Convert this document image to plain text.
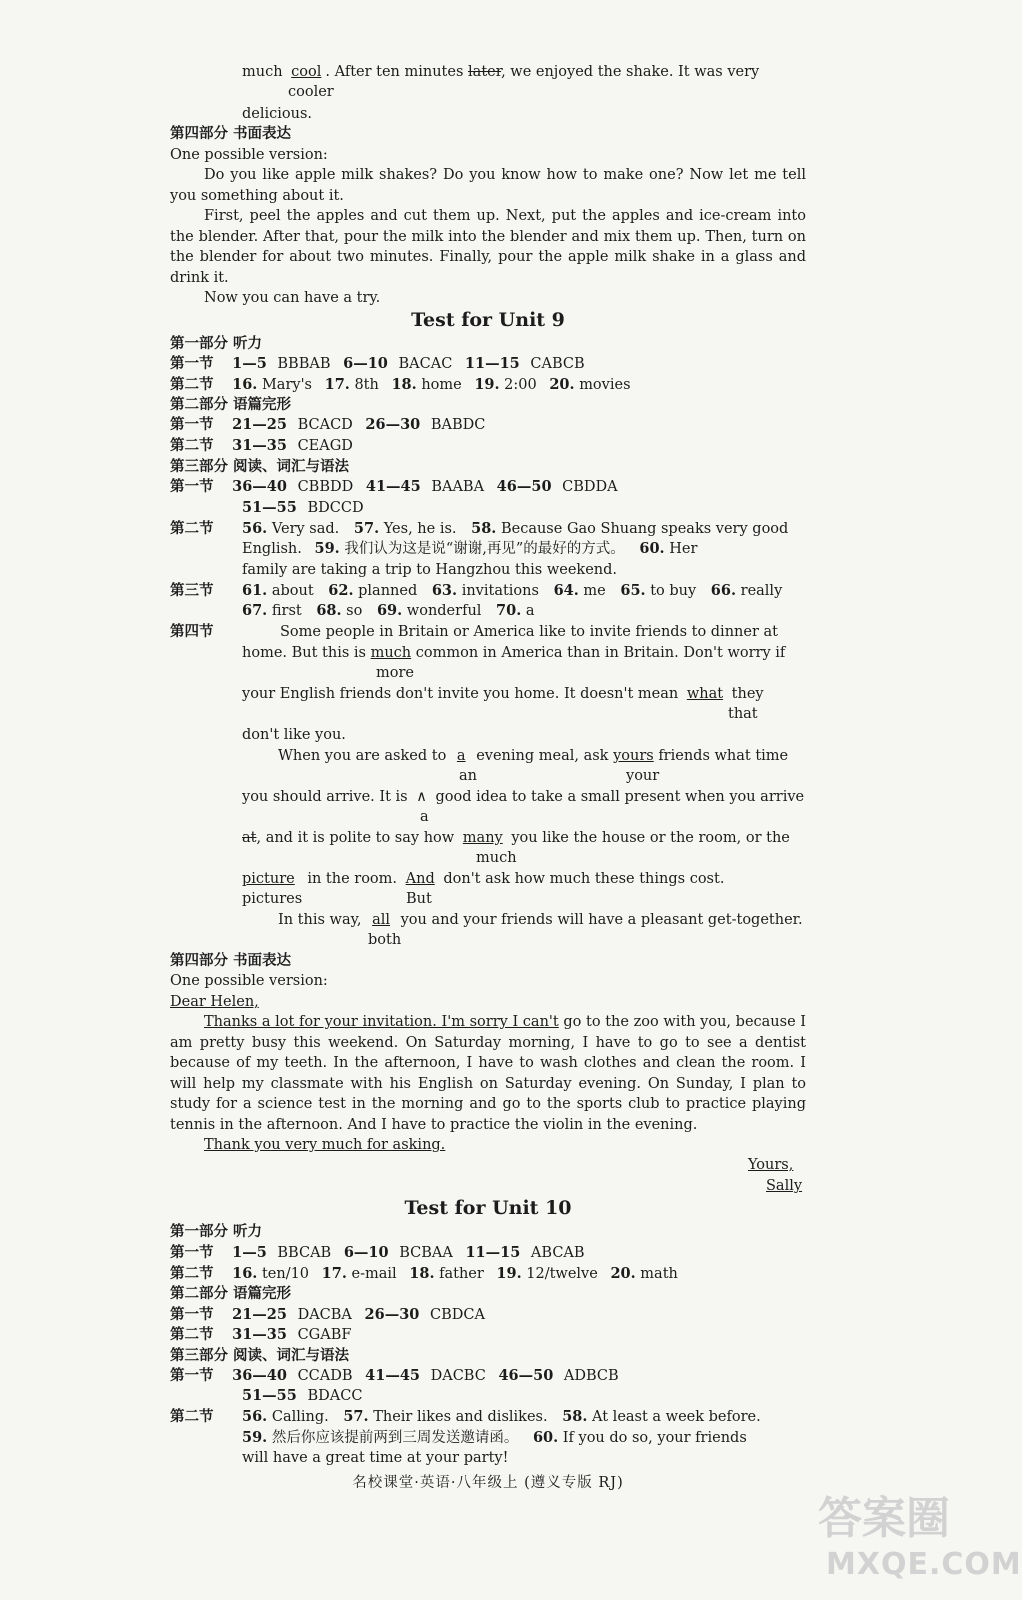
much cool . After ten minutes later, we enjoyed the shake. It was very
cooler
delicious.
第四部分 书面表达
One possible version:
Do you like apple milk shakes? Do you know how to make one? Now let me tell you something about it.
First, peel the apples and cut them up. Next, put the apples and ice-cream into the blender. After that, pour the milk into the blender and mix them up. Then, turn on the blender for about two minutes. Finally, pour the apple milk shake in a glass and drink it.
Now you can have a try.
Test for Unit 9
第一部分 听力
第一节 1—5 BBBAB 6—10 BACAC 11—15 CABCB
第二节 16. Mary's 17. 8th 18. home 19. 2:00 20. movies
第二部分 语篇完形
第一节 21—25 BCACD 26—30 BABDC
第二节 31—35 CEAGD
第三部分 阅读、词汇与语法
第一节 36—40 CBBDD 41—45 BAABA 46—50 CBDDA
51—55 BDCCD
第二节 56. Very sad. 57. Yes, he is. 58. Because Gao Shuang speaks very good
English. 59. 我们认为这是说“谢谢,再见”的最好的方式。 60. Her
family are taking a trip to Hangzhou this weekend.
第三节 61. about 62. planned 63. invitations 64. me 65. to buy 66. really
67. first 68. so 69. wonderful 70. a
第四节	Some people in Britain or America like to invite friends to dinner at
home. But this is much common in America than in Britain. Don't worry if
more
your English friends don't invite you home. It doesn't mean what they
that
don't like you.
When you are asked to a evening meal, ask yours friends what time
an	your
you should arrive. It is ∧ good idea to take a small present when you arrive
a
at, and it is polite to say how many you like the house or the room, or the
much
picture in the room. And don't ask how much these things cost.
pictures	But
In this way, all you and your friends will have a pleasant get-together.
both
第四部分 书面表达
One possible version:
Dear Helen,
Thanks a lot for your invitation. I'm sorry I can't go to the zoo with you, because I am pretty busy this weekend. On Saturday morning, I have to go to see a dentist because of my teeth. In the afternoon, I have to wash clothes and clean the room. I will help my classmate with his English on Saturday evening. On Sunday, I plan to study for a science test in the morning and go to the sports club to practice playing tennis in the afternoon. And I have to practice the violin in the evening.
Thank you very much for asking.
Yours,
Sally
Test for Unit 10
第一部分 听力
第一节 1—5 BBCAB 6—10 BCBAA 11—15 ABCAB
第二节 16. ten/10 17. e-mail 18. father 19. 12/twelve 20. math
第二部分 语篇完形
第一节 21—25 DACBA 26—30 CBDCA
第二节 31—35 CGABF
第三部分 阅读、词汇与语法
第一节 36—40 CCADB 41—45 DACBC 46—50 ADBCB
51—55 BDACC
第二节 56. Calling. 57. Their likes and dislikes. 58. At least a week before.
59. 然后你应该提前两到三周发送邀请函。 60. If you do so, your friends
will have a great time at your party!
名校课堂·英语·八年级上 (遵义专版 RJ)
答案圈
MXQE.COM
